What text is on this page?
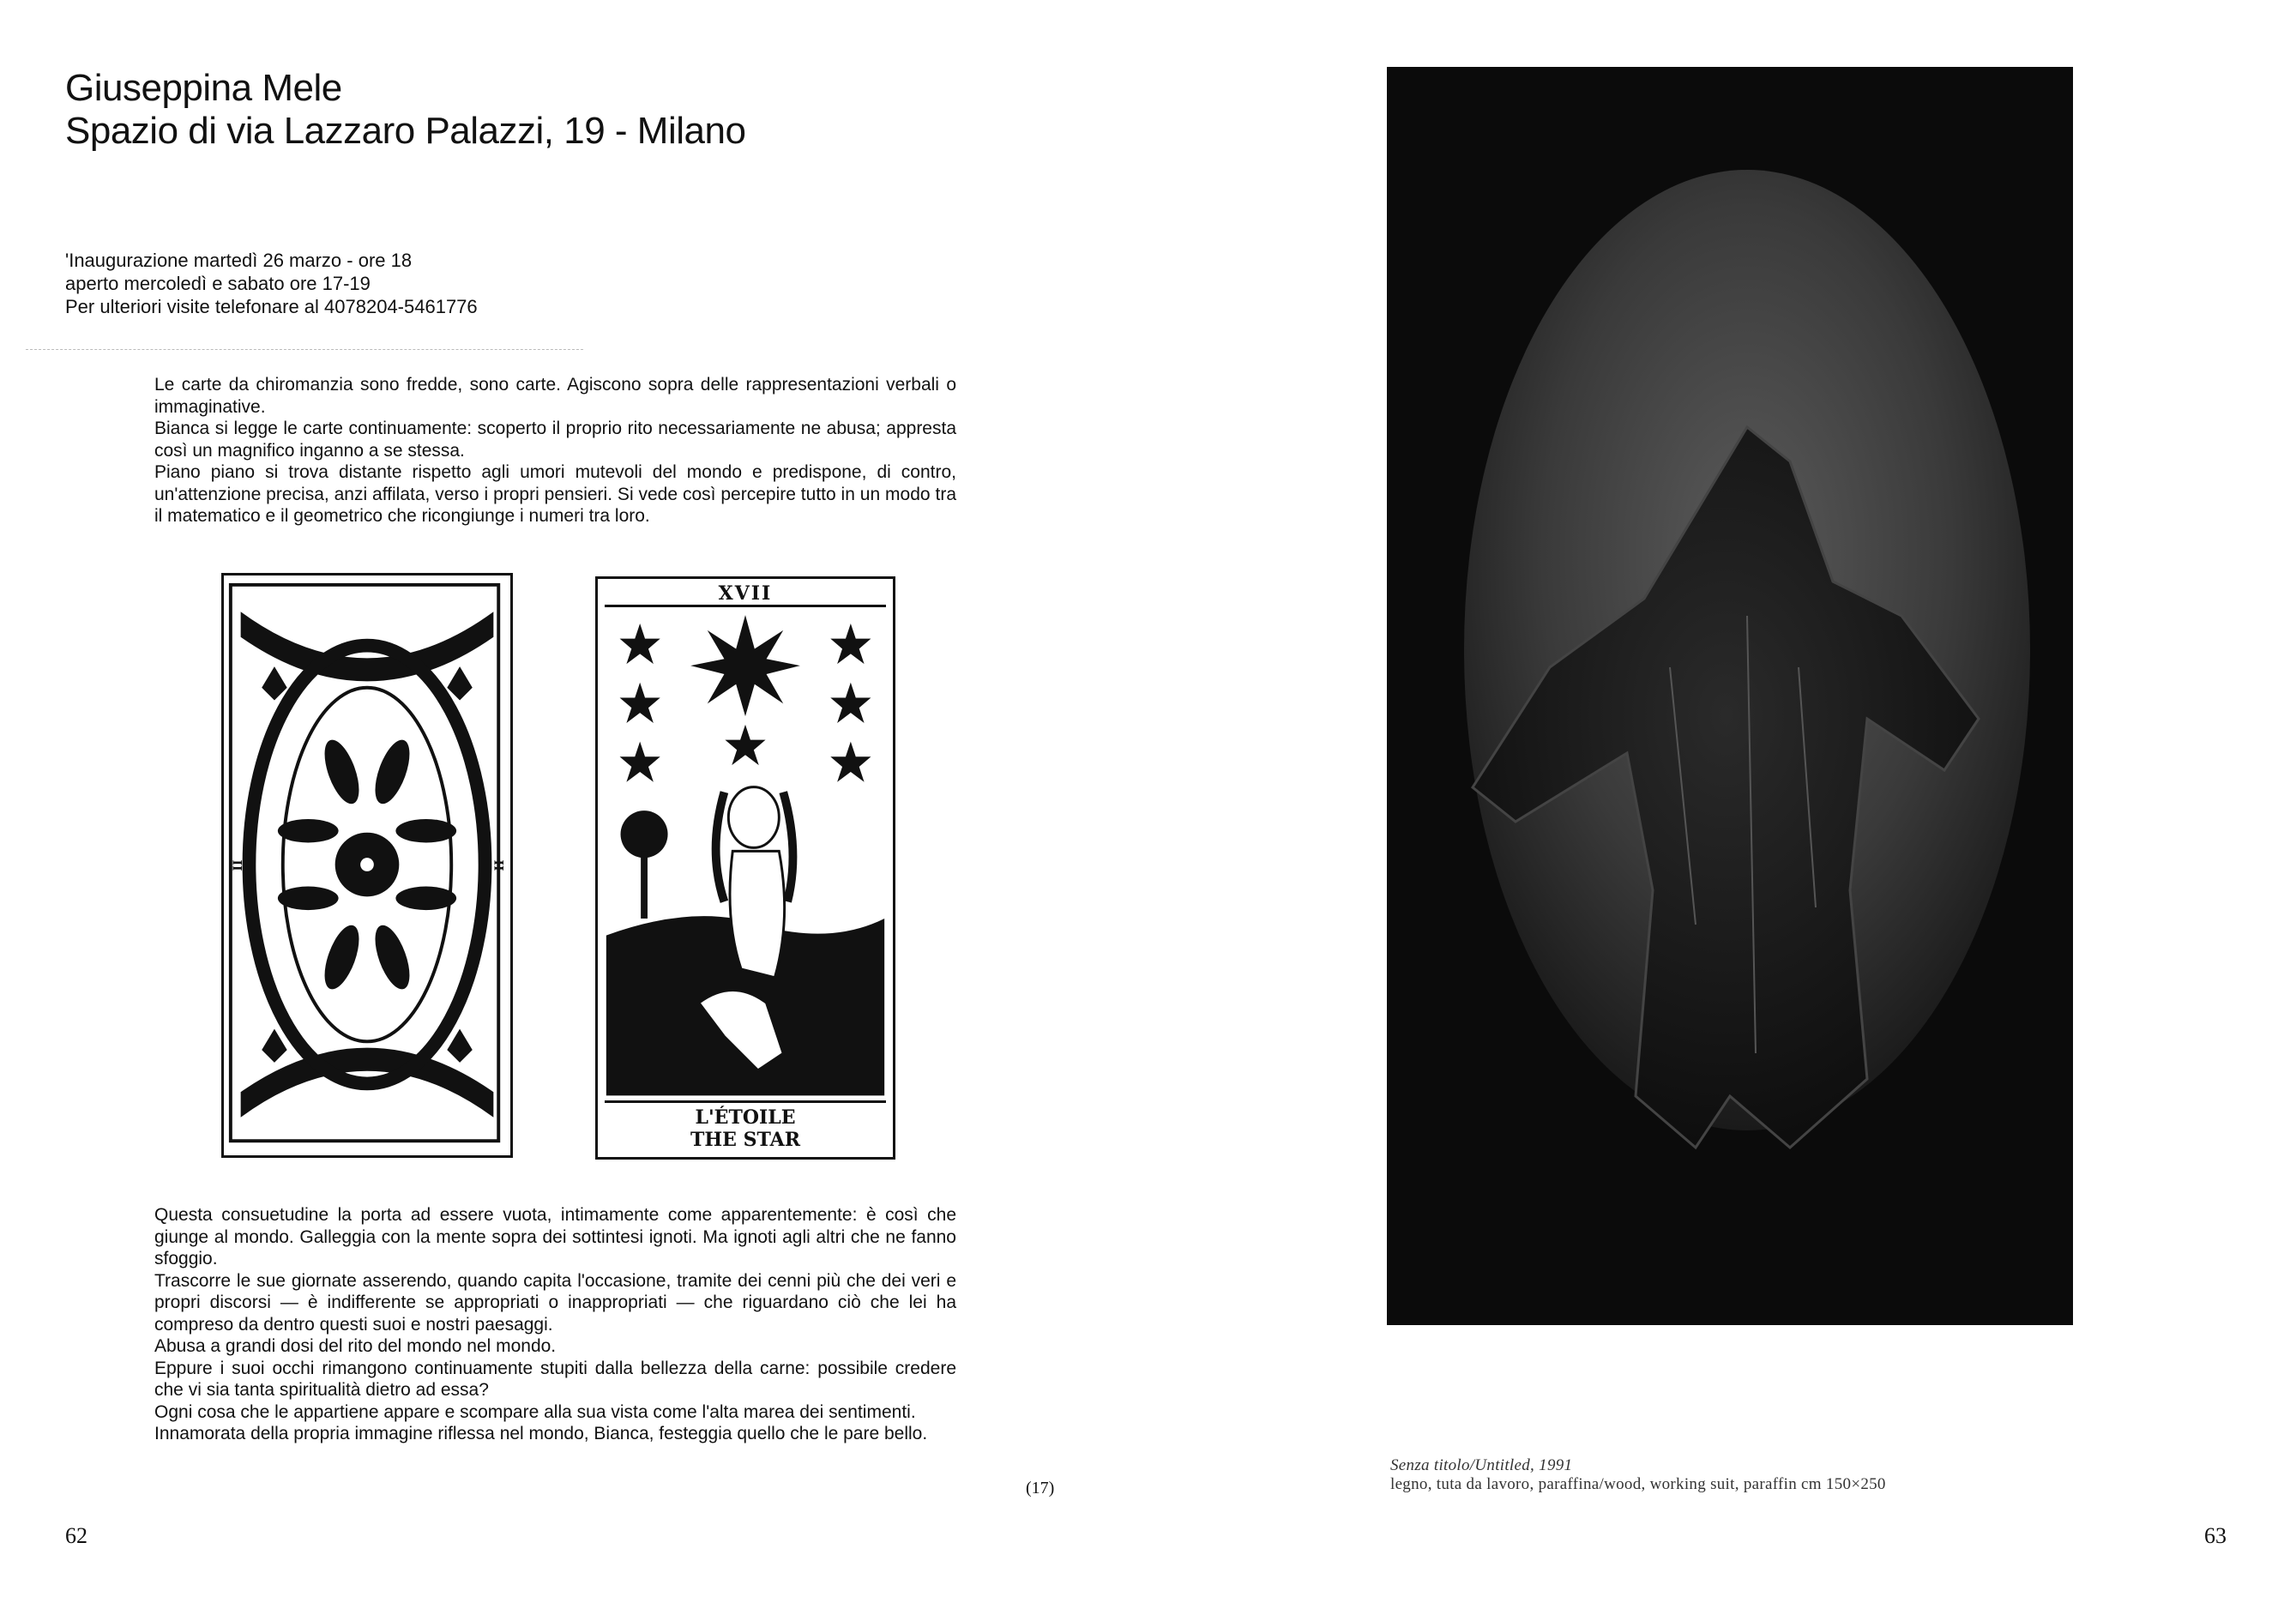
Giuseppina Mele
Spazio di via Lazzaro Palazzi, 19 - Milano
'Inaugurazione martedì 26 marzo - ore 18
aperto mercoledì e sabato ore 17-19
Per ulteriori visite telefonare al 4078204-5461776

Le carte da chiromanzia sono fredde, sono carte. Agiscono sopra delle rappresentazioni verbali o immaginative.

Bianca si legge le carte continuamente: scoperto il proprio rito necessariamente ne abusa; appresta così un magnifico inganno a se stessa.

Piano piano si trova distante rispetto agli umori mutevoli del mondo e predispone, di contro, un'attenzione precisa, anzi affilata, verso i propri pensieri. Si vede così percepire tutto in un modo tra il matematico e il geometrico che ricongiunge i numeri tra loro.

II	II
XVII
L'ÉTOILE
THE STAR

Questa consuetudine la porta ad essere vuota, intimamente come apparentemente: è così che giunge al mondo. Galleggia con la mente sopra dei sottintesi ignoti. Ma ignoti agli altri che ne fanno sfoggio.

Trascorre le sue giornate asserendo, quando capita l'occasione, tramite dei cenni più che dei veri e propri discorsi — è indifferente se appropriati o inappropriati — che riguardano ciò che lei ha compreso da dentro questi suoi e nostri paesaggi.

Abusa a grandi dosi del rito del mondo nel mondo.

Eppure i suoi occhi rimangono continuamente stupiti dalla bellezza della carne: possibile credere che vi sia tanta spiritualità dietro ad essa?

Ogni cosa che le appartiene appare e scompare alla sua vista come l'alta marea dei sentimenti.

Innamorata della propria immagine riflessa nel mondo, Bianca, festeggia quello che le pare bello.

(17)
62
Senza titolo/Untitled, 1991
legno, tuta da lavoro, paraffina/wood, working suit, paraffin cm 150×250
63
